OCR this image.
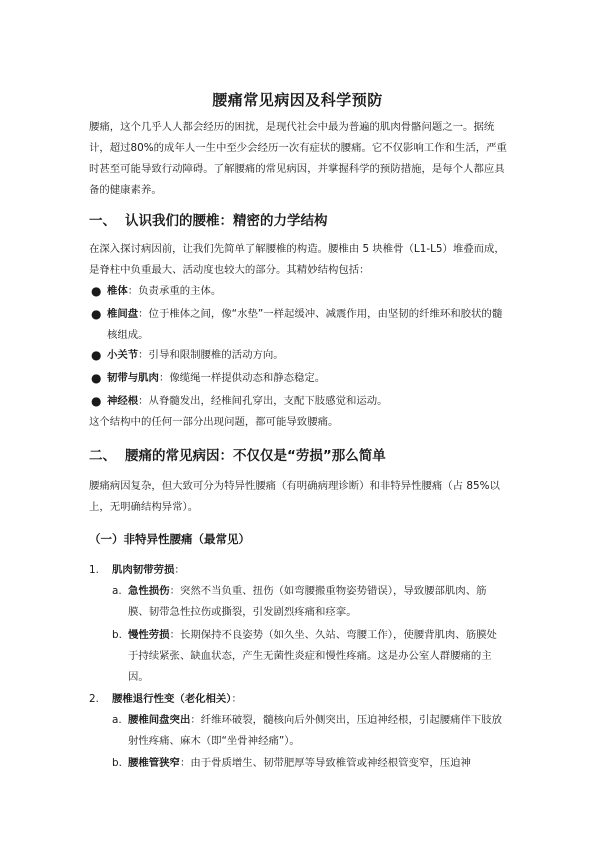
腰痛常见病因及科学预防
腰痛，这个几乎人人都会经历的困扰，是现代社会中最为普遍的肌肉骨骼问题之一。据统计，超过80%的成年人一生中至少会经历一次有症状的腰痛。它不仅影响工作和生活，严重时甚至可能导致行动障碍。了解腰痛的常见病因，并掌握科学的预防措施，是每个人都应具备的健康素养。
一、 认识我们的腰椎：精密的力学结构
在深入探讨病因前，让我们先简单了解腰椎的构造。腰椎由 5 块椎骨（L1-L5）堆叠而成，是脊柱中负重最大、活动度也较大的部分。其精妙结构包括：
● 椎体：负责承重的主体。
● 椎间盘：位于椎体之间，像“水垫”一样起缓冲、减震作用，由坚韧的纤维环和胶状的髓核组成。
● 小关节：引导和限制腰椎的活动方向。
● 韧带与肌肉：像缆绳一样提供动态和静态稳定。
● 神经根：从脊髓发出，经椎间孔穿出，支配下肢感觉和运动。
这个结构中的任何一部分出现问题，都可能导致腰痛。
二、 腰痛的常见病因：不仅仅是“劳损”那么简单
腰痛病因复杂，但大致可分为特异性腰痛（有明确病理诊断）和非特异性腰痛（占 85%以上，无明确结构异常）。
（一）非特异性腰痛（最常见）
1. 肌肉韧带劳损：
a. 急性损伤：突然不当负重、扭伤（如弯腰搬重物姿势错误），导致腰部肌肉、筋膜、韧带急性拉伤或撕裂，引发剧烈疼痛和痉挛。
b. 慢性劳损：长期保持不良姿势（如久坐、久站、弯腰工作），使腰背肌肉、筋膜处于持续紧张、缺血状态，产生无菌性炎症和慢性疼痛。这是办公室人群腰痛的主因。
2. 腰椎退行性变（老化相关）：
a. 腰椎间盘突出：纤维环破裂，髓核向后外侧突出，压迫神经根，引起腰痛伴下肢放射性疼痛、麻木（即“坐骨神经痛”）。
b. 腰椎管狭窄：由于骨质增生、韧带肥厚等导致椎管或神经根管变窄，压迫神
